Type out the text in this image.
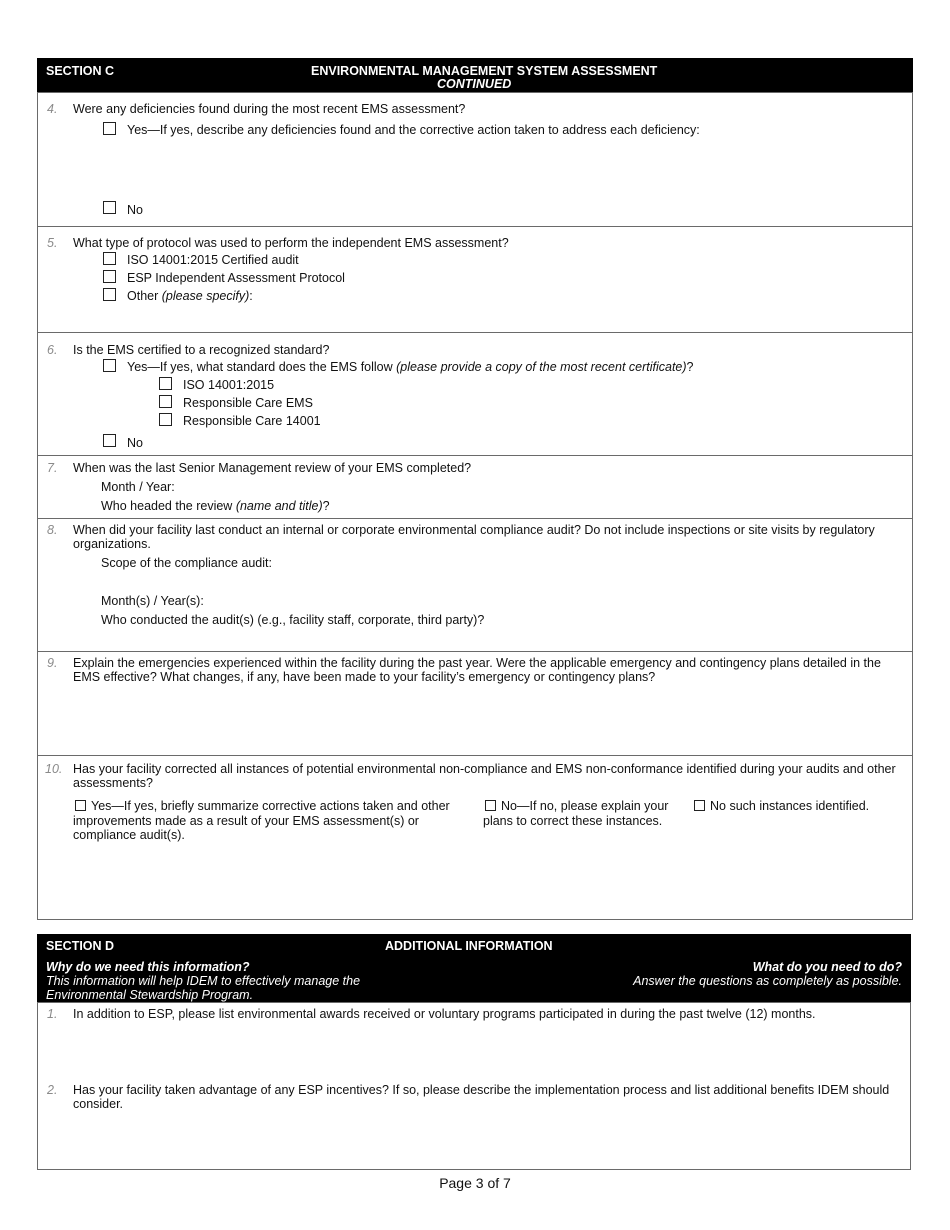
SECTION C	ENVIRONMENTAL MANAGEMENT SYSTEM ASSESSMENT
CONTINUED
4. Were any deficiencies found during the most recent EMS assessment?
Yes—If yes, describe any deficiencies found and the corrective action taken to address each deficiency:
No
5. What type of protocol was used to perform the independent EMS assessment?
ISO 14001:2015 Certified audit
ESP Independent Assessment Protocol
Other (please specify):
6. Is the EMS certified to a recognized standard?
Yes—If yes, what standard does the EMS follow (please provide a copy of the most recent certificate)?
ISO 14001:2015
Responsible Care EMS
Responsible Care 14001
No
7. When was the last Senior Management review of your EMS completed?
Month / Year:
Who headed the review (name and title)?
8. When did your facility last conduct an internal or corporate environmental compliance audit? Do not include inspections or site visits by regulatory
organizations.
Scope of the compliance audit:
Month(s) / Year(s):
Who conducted the audit(s) (e.g., facility staff, corporate, third party)?
9. Explain the emergencies experienced within the facility during the past year. Were the applicable emergency and contingency plans detailed in the
EMS effective? What changes, if any, have been made to your facility’s emergency or contingency plans?
10. Has your facility corrected all instances of potential environmental non-compliance and EMS non-conformance identified during your audits and other
assessments?
Yes—If yes, briefly summarize corrective actions taken and other
improvements made as a result of your EMS assessment(s) or
compliance audit(s).
No—If no, please explain your
plans to correct these instances.
No such instances identified.
SECTION D	ADDITIONAL INFORMATION
Why do we need this information?
This information will help IDEM to effectively manage the
Environmental Stewardship Program.
What do you need to do?
Answer the questions as completely as possible.
1. In addition to ESP, please list environmental awards received or voluntary programs participated in during the past twelve (12) months.
2. Has your facility taken advantage of any ESP incentives? If so, please describe the implementation process and list additional benefits IDEM should
consider.
Page 3 of 7
